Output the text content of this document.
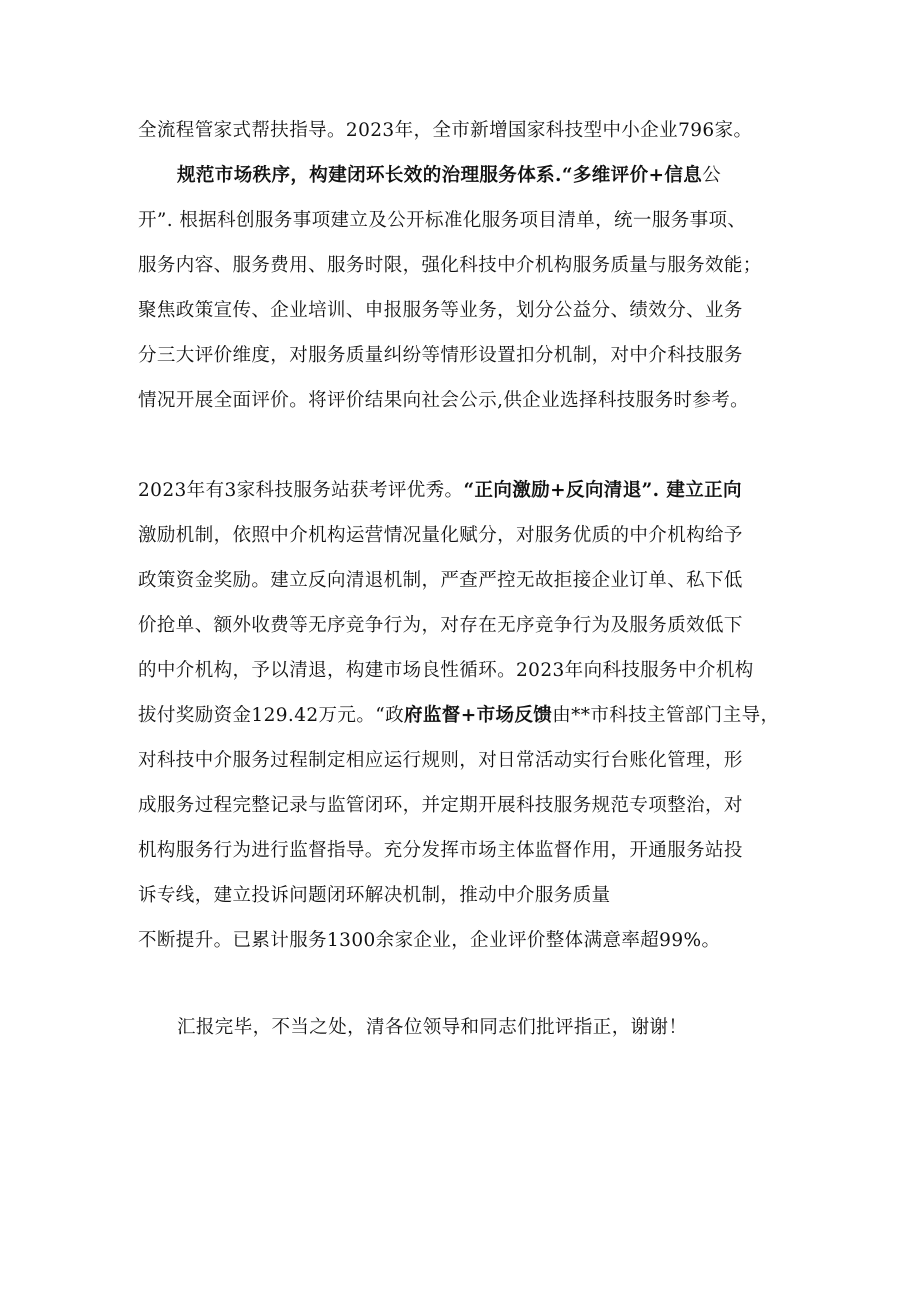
全流程管家式帮扶指导。2023年，全市新增国家科技型中小企业796家。
规范市场秩序，构建闭环长效的治理服务体系.“多维评价+信息公
开”. 根据科创服务事项建立及公开标准化服务项目清单，统一服务事项、
服务内容、服务费用、服务时限，强化科技中介机构服务质量与服务效能；
聚焦政策宣传、企业培训、申报服务等业务，划分公益分、绩效分、业务
分三大评价维度，对服务质量纠纷等情形设置扣分机制，对中介科技服务
情况开展全面评价。将评价结果向社会公示,供企业选择科技服务时参考。
2023年有3家科技服务站获考评优秀。“正向激励+反向清退”. 建立正向
激励机制，依照中介机构运营情况量化赋分，对服务优质的中介机构给予
政策资金奖励。建立反向清退机制，严查严控无故拒接企业订单、私下低
价抢单、额外收费等无序竞争行为，对存在无序竞争行为及服务质效低下
的中介机构，予以清退，构建市场良性循环。2023年向科技服务中介机构
拔付奖励资金129.42万元。“政府监督+市场反馈由**市科技主管部门主导，
对科技中介服务过程制定相应运行规则，对日常活动实行台账化管理，形
成服务过程完整记录与监管闭环，并定期开展科技服务规范专项整治，对
机构服务行为进行监督指导。充分发挥市场主体监督作用，开通服务站投
诉专线，建立投诉问题闭环解决机制，推动中介服务质量
不断提升。已累计服务1300余家企业，企业评价整体满意率超99%。
汇报完毕，不当之处，清各位领导和同志们批评指正，谢谢！
